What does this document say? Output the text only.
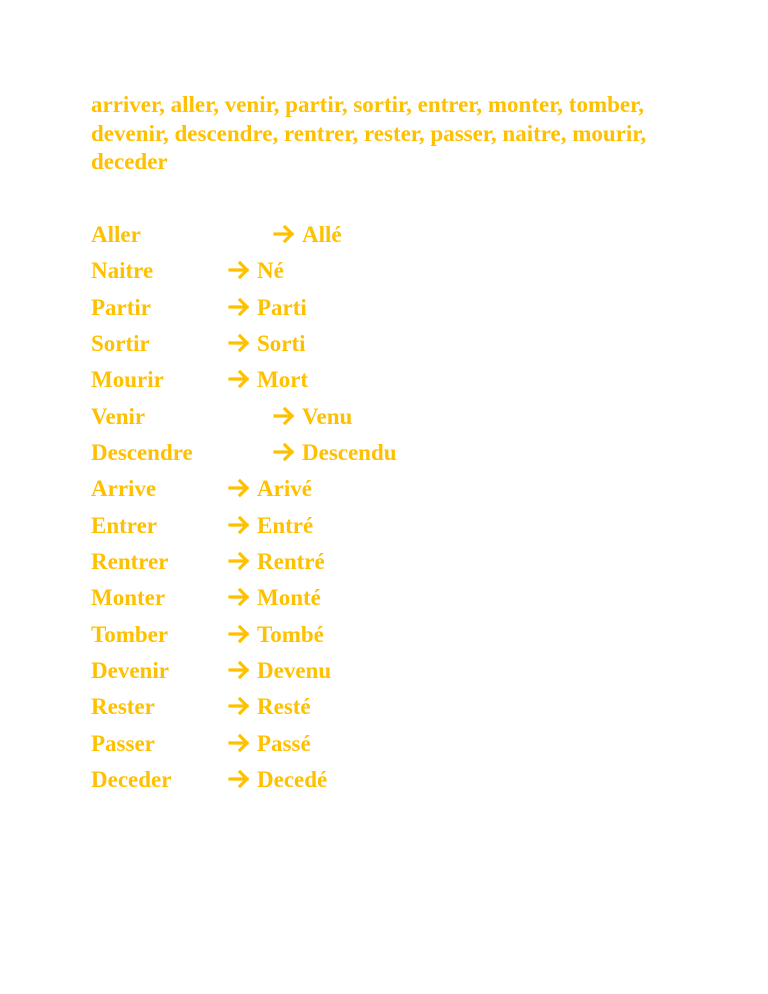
arriver, aller, venir, partir, sortir, entrer, monter, tomber, devenir, descendre, rentrer, rester, passer, naitre, mourir, deceder

Aller	Allé
Naitre	Né
Partir	Parti
Sortir	Sorti
Mourir	Mort
Venir	Venu
Descendre	Descendu
Arrive	Arivé
Entrer	Entré
Rentrer	Rentré
Monter	Monté
Tomber	Tombé
Devenir	Devenu
Rester	Resté
Passer	Passé
Deceder	Decedé
